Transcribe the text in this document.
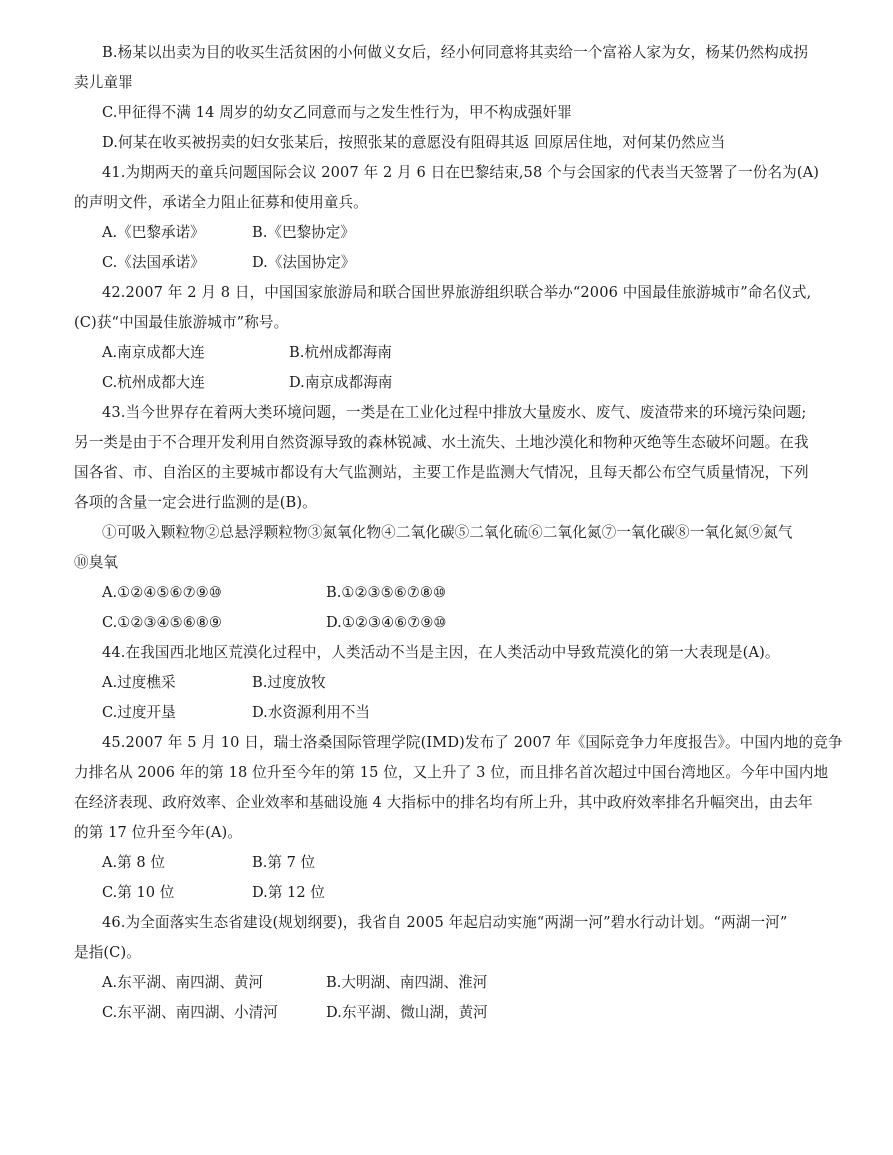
B.杨某以出卖为目的收买生活贫困的小何做义女后，经小何同意将其卖给一个富裕人家为女，杨某仍然构成拐
卖儿童罪
C.甲征得不满 14 周岁的幼女乙同意而与之发生性行为，甲不构成强奸罪
D.何某在收买被拐卖的妇女张某后，按照张某的意愿没有阻碍其返 回原居住地，对何某仍然应当
41.为期两天的童兵问题国际会议 2007 年 2 月 6 日在巴黎结束,58 个与会国家的代表当天签署了一份名为(A)
的声明文件，承诺全力阻止征募和使用童兵。
A.《巴黎承诺》	B.《巴黎协定》
C.《法国承诺》	D.《法国协定》
42.2007 年 2 月 8 日，中国国家旅游局和联合国世界旅游组织联合举办“2006 中国最佳旅游城市”命名仪式,
(C)获“中国最佳旅游城市”称号。
A.南京成都大连	B.杭州成都海南
C.杭州成都大连	D.南京成都海南
43.当今世界存在着两大类环境问题，一类是在工业化过程中排放大量废水、废气、废渣带来的环境污染问题;
另一类是由于不合理开发利用自然资源导致的森林锐减、水土流失、土地沙漠化和物种灭绝等生态破坏问题。在我
国各省、市、自治区的主要城市都设有大气监测站，主要工作是监测大气情况，且每天都公布空气质量情况，下列
各项的含量一定会进行监测的是(B)。
①可吸入颗粒物②总悬浮颗粒物③氮氧化物④二氧化碳⑤二氧化硫⑥二氧化氮⑦一氧化碳⑧一氧化氮⑨氮气
⑩臭氧
A.①②④⑤⑥⑦⑨⑩	B.①②③⑤⑥⑦⑧⑩
C.①②③④⑤⑥⑧⑨	D.①②③④⑥⑦⑨⑩
44.在我国西北地区荒漠化过程中，人类活动不当是主因，在人类活动中导致荒漠化的第一大表现是(A)。
A.过度樵采	B.过度放牧
C.过度开垦	D.水资源利用不当
45.2007 年 5 月 10 日，瑞士洛桑国际管理学院(IMD)发布了 2007 年《国际竞争力年度报告》。中国内地的竞争
力排名从 2006 年的第 18 位升至今年的第 15 位，又上升了 3 位，而且排名首次超过中国台湾地区。今年中国内地
在经济表现、政府效率、企业效率和基础设施 4 大指标中的排名均有所上升，其中政府效率排名升幅突出，由去年
的第 17 位升至今年(A)。
A.第 8 位	B.第 7 位
C.第 10 位	D.第 12 位
46.为全面落实生态省建设(规划纲要)，我省自 2005 年起启动实施“两湖一河”碧水行动计划。“两湖一河”
是指(C)。
A.东平湖、南四湖、黄河	B.大明湖、南四湖、淮河
C.东平湖、南四湖、小清河	D.东平湖、微山湖，黄河
